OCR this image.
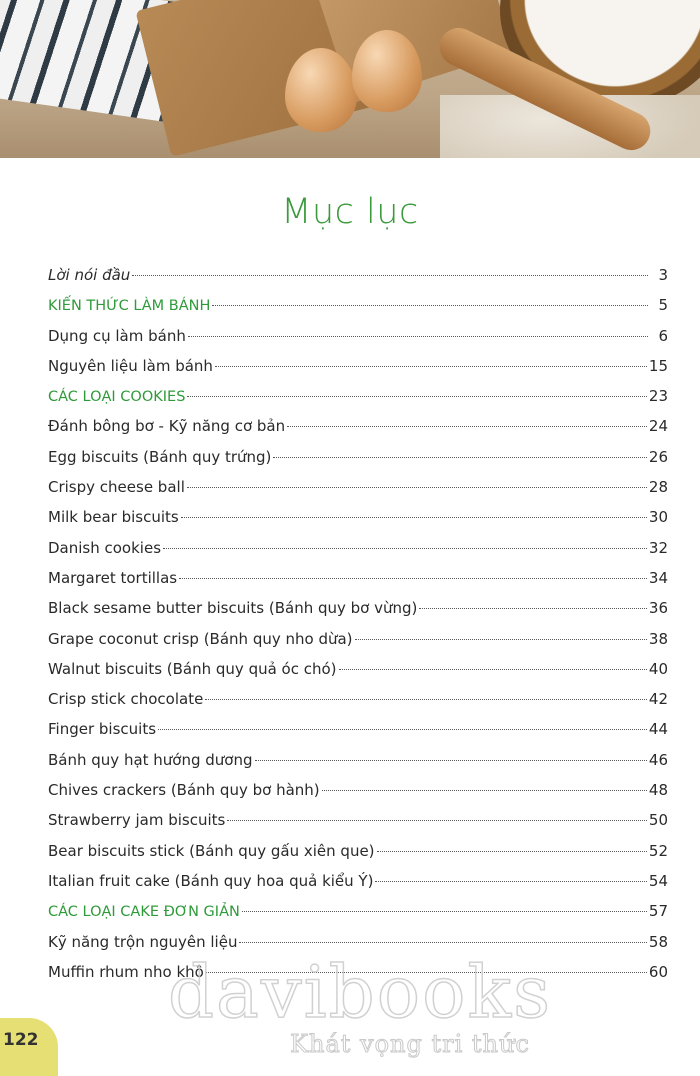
Mục lục
Lời nói đầu	3
KIẾN THỨC LÀM BÁNH	5
Dụng cụ làm bánh	6
Nguyên liệu làm bánh	15
CÁC LOẠI COOKIES	23
Đánh bông bơ - Kỹ năng cơ bản	24
Egg biscuits (Bánh quy trứng)	26
Crispy cheese ball	28
Milk bear biscuits	30
Danish cookies	32
Margaret tortillas	34
Black sesame butter biscuits (Bánh quy bơ vừng)	36
Grape coconut crisp (Bánh quy nho dừa)	38
Walnut biscuits (Bánh quy quả óc chó)	40
Crisp stick chocolate	42
Finger biscuits	44
Bánh quy hạt hướng dương	46
Chives crackers (Bánh quy bơ hành)	48
Strawberry jam biscuits	50
Bear biscuits stick (Bánh quy gấu xiên que)	52
Italian fruit cake (Bánh quy hoa quả kiểu Ý)	54
CÁC LOẠI CAKE ĐƠN GIẢN	57
Kỹ năng trộn nguyên liệu	58
Muffin rhum nho khô	60
122
davibooks
Khát vọng tri thức
